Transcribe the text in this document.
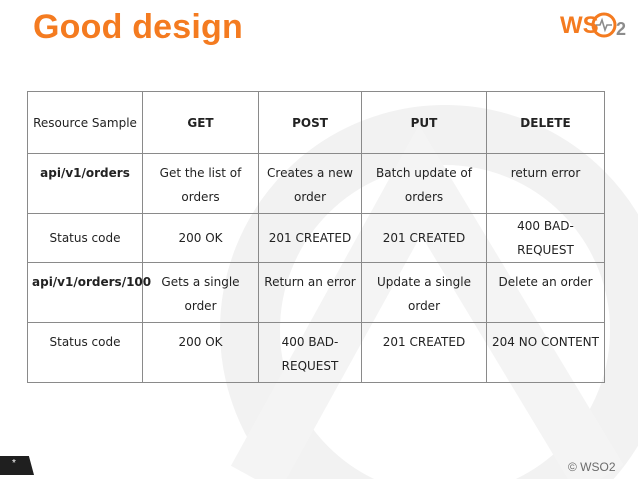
Good design	WS 2
Resource Sample	GET	POST	PUT	DELETE
api/v1/orders	Get the list of orders	Creates a new order	Batch update of orders	return error
Status code	200 OK	201 CREATED	201 CREATED	400 BAD-REQUEST
api/v1/orders/100	Gets a single order	Return an error	Update a single order	Delete an order
Status code	200 OK	400 BAD-REQUEST	201 CREATED	204 NO CONTENT
*	© WSO2
